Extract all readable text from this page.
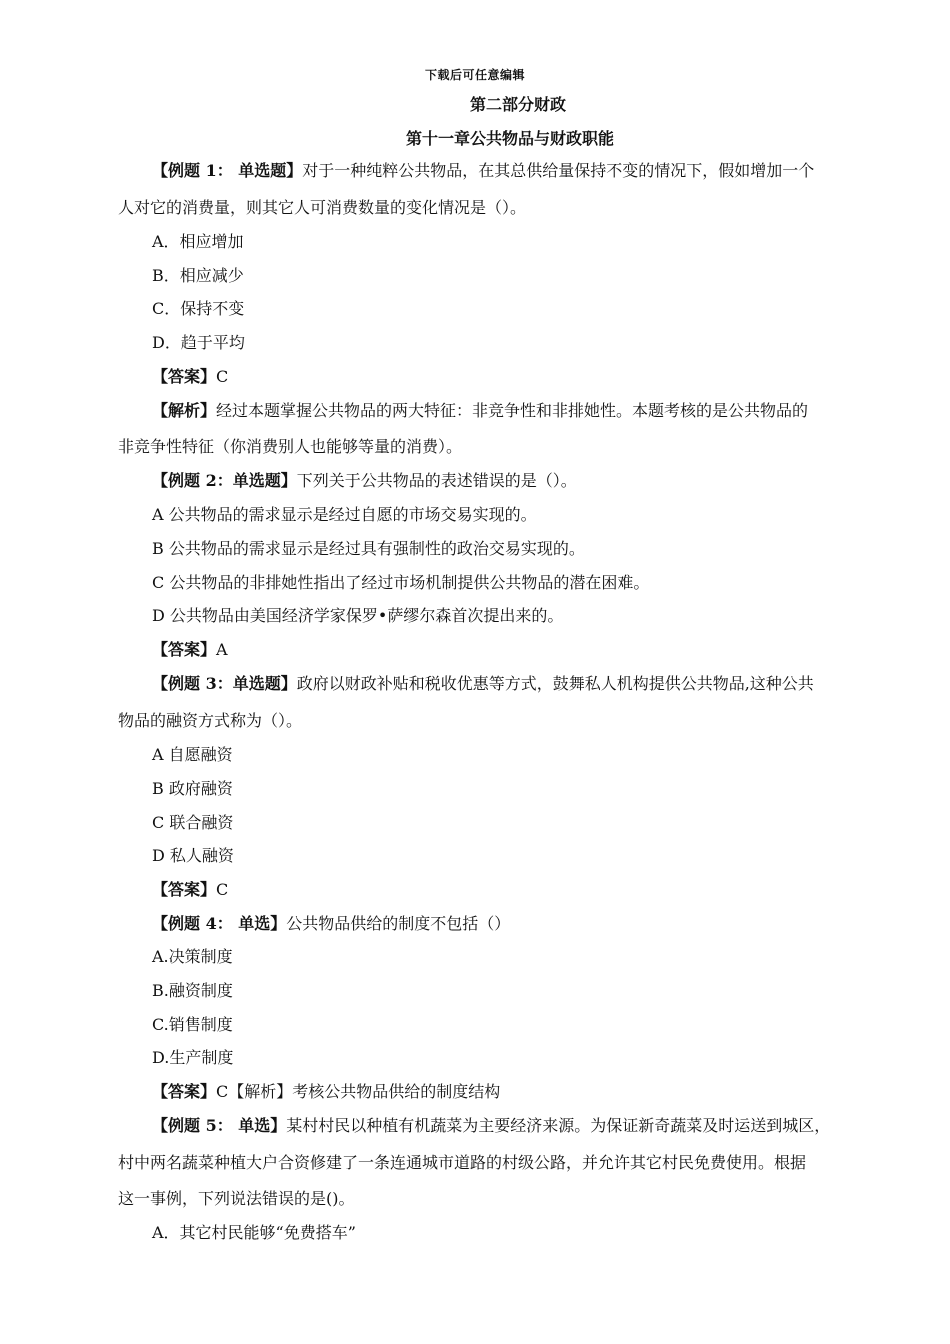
下载后可任意编辑
第二部分财政
第十一章公共物品与财政职能
【例题 1： 单选题】对于一种纯粹公共物品，在其总供给量保持不变的情况下，假如增加一个
人对它的消费量，则其它人可消费数量的变化情况是（）。
A．相应增加
B．相应减少
C．保持不变
D．趋于平均
【答案】C
【解析】经过本题掌握公共物品的两大特征：非竞争性和非排她性。本题考核的是公共物品的
非竞争性特征（你消费别人也能够等量的消费）。
【例题 2：单选题】下列关于公共物品的表述错误的是（）。
A 公共物品的需求显示是经过自愿的市场交易实现的。
B 公共物品的需求显示是经过具有强制性的政治交易实现的。
C 公共物品的非排她性指出了经过市场机制提供公共物品的潜在困难。
D 公共物品由美国经济学家保罗•萨缪尔森首次提出来的。
【答案】A
【例题 3：单选题】政府以财政补贴和税收优惠等方式，鼓舞私人机构提供公共物品,这种公共
物品的融资方式称为（）。
A 自愿融资
B 政府融资
C 联合融资
D 私人融资
【答案】C
【例题 4： 单选】公共物品供给的制度不包括（）
A.决策制度
B.融资制度
C.销售制度
D.生产制度
【答案】C【解析】考核公共物品供给的制度结构
【例题 5： 单选】某村村民以种植有机蔬菜为主要经济来源。为保证新奇蔬菜及时运送到城区，
村中两名蔬菜种植大户合资修建了一条连通城市道路的村级公路，并允许其它村民免费使用。根据
这一事例，下列说法错误的是()。
A．其它村民能够“免费搭车”
